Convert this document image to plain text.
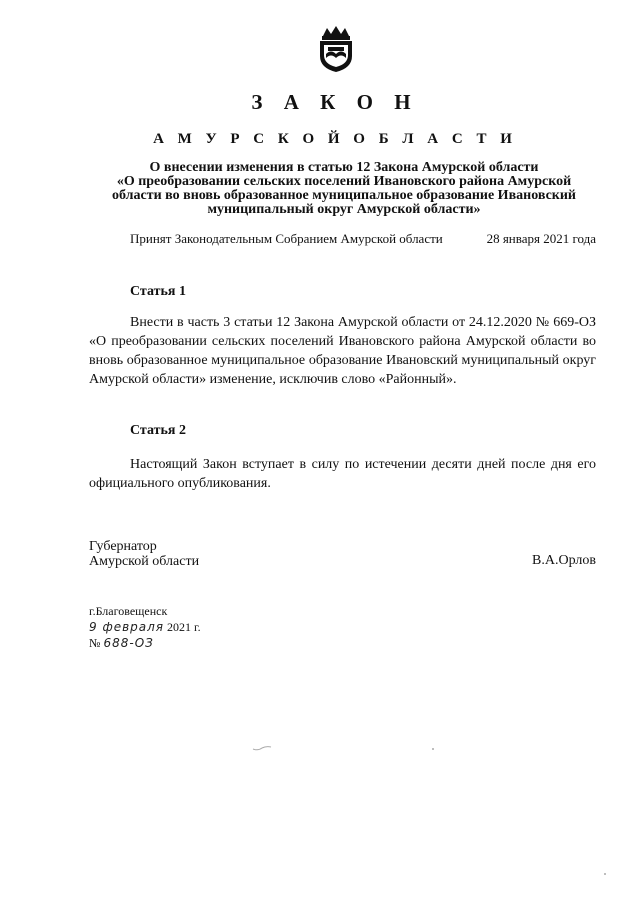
З А К О Н
А М У Р С К О Й О Б Л А С Т И
О внесении изменения в статью 12 Закона Амурской области
«О преобразовании сельских поселений Ивановского района Амурской
области во вновь образованное муниципальное образование Ивановский
муниципальный округ Амурской области»
Принят Законодательным Собранием Амурской области	28 января 2021 года
Статья 1
Внести в часть 3 статьи 12 Закона Амурской области от 24.12.2020 № 669-ОЗ «О преобразовании сельских поселений Ивановского района Амурской области во вновь образованное муниципальное образование Ивановский муниципальный округ Амурской области» изменение, исключив слово «Районный».
Статья 2
Настоящий Закон вступает в силу по истечении десяти дней после дня его официального опубликования.
Губернатор
Амурской области	В.А.Орлов
г.Благовещенск
9 февраля 2021 г.
№ 688-ОЗ
